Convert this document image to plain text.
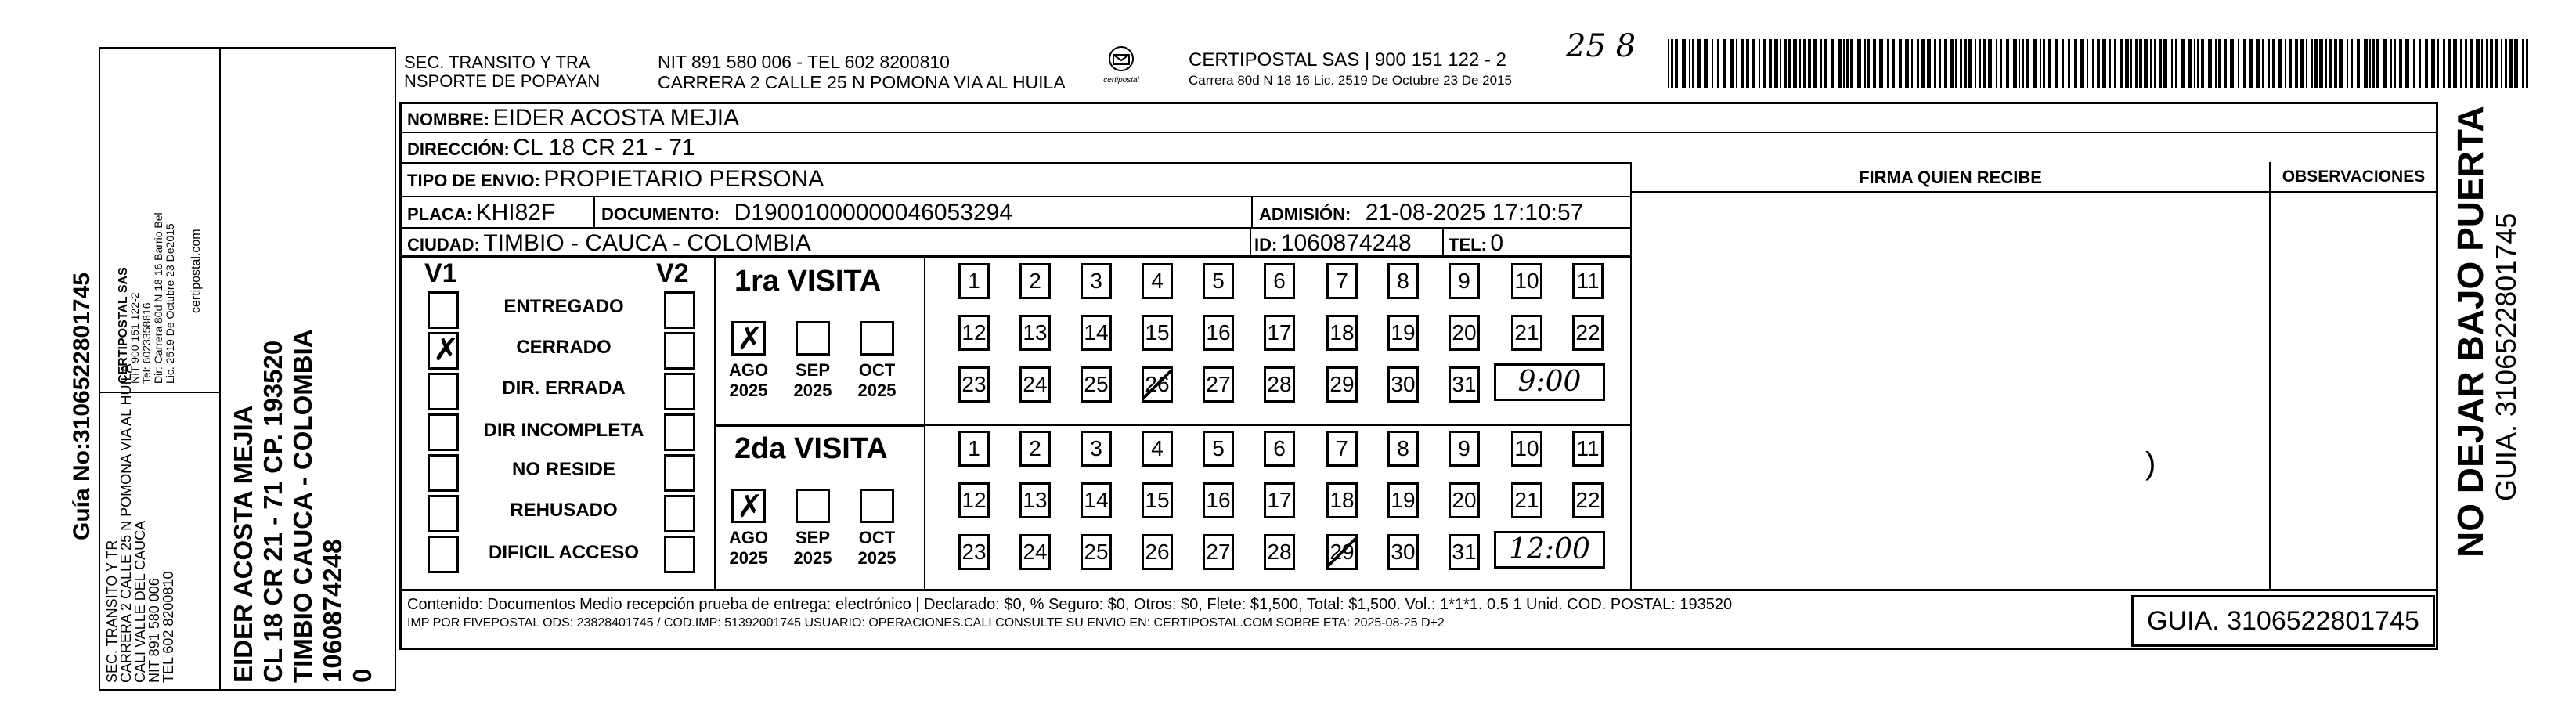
Guía No:3106522801745
SEC. TRANSITO Y TR
CARRERA 2 CALLE 25 N POMONA VIA AL HUILA
CALI VALLE DEL CAUCA
NIT 891 580 006
TEL 602 8200810
CERTIPOSTAL SAS
NIT 900 151 122-2 Tel: 6023358816 Dir: Carrera 80d N 18 16 Barrio Bel Lic. 2519 De Octubre 23 De2015 certipostal.com
EIDER ACOSTA MEJIA CL 18 CR 21 - 71 CP. 193520 TIMBIO CAUCA - COLOMBIA 1060874248 0
SEC. TRANSITO Y TRA
NSPORTE DE POPAYAN
NIT 891 580 006 - TEL 602 8200810
CARRERA 2 CALLE 25 N POMONA VIA AL HUILA	certipostal
CERTIPOSTAL SAS | 900 151 122 - 2
Carrera 80d N 18 16 Lic. 2519 De Octubre 23 De 2015
25 8
NOMBRE: EIDER ACOSTA MEJIA
DIRECCIÓN: CL 18 CR 21 - 71
TIPO DE ENVIO: PROPIETARIO PERSONA
PLACA: KHI82F	DOCUMENTO: D19001000000046053294	ADMISIÓN: 21-08-2025 17:10:57
CIUDAD: TIMBIO - CAUCA - COLOMBIA	ID: 1060874248 TEL: 0
FIRMA QUIEN RECIBE	OBSERVACIONES
)
V1	V2
ENTREGADO
✗	CERRADO
DIR. ERRADA
DIR INCOMPLETA
NO RESIDE
REHUSADO
DIFICIL ACCESO
1ra VISITA
✗
AGO
2025
SEP
2025
OCT
2025
1	2	3	4	5	6	7	8	9	10 11
12 13 14 15 16 17 18 19 20 21 22
23 24 25 26 27 28 29 30 31	9:00
2da VISITA
✗
AGO
2025
SEP
2025
OCT
2025
1	2	3	4	5	6	7	8	9	10 11
12 13 14 15 16 17 18 19 20 21 22
23 24 25 26 27 28 29 30 31	12:00
Contenido: Documentos Medio recepción prueba de entrega: electrónico | Declarado: $0, % Seguro: $0, Otros: $0, Flete: $1,500, Total: $1,500. Vol.: 1*1*1. 0.5 1 Unid. COD. POSTAL: 193520
IMP POR FIVEPOSTAL ODS: 23828401745 / COD.IMP: 51392001745 USUARIO: OPERACIONES.CALI CONSULTE SU ENVIO EN: CERTIPOSTAL.COM SOBRE ETA: 2025-08-25 D+2	GUIA. 3106522801745
NO DEJAR BAJO PUERTA GUIA. 3106522801745
